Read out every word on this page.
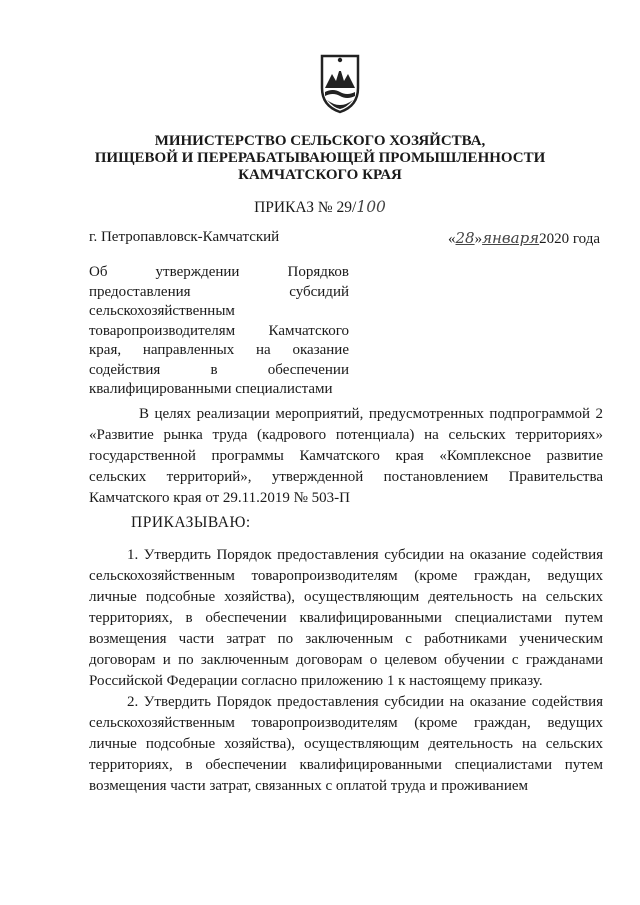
МИНИСТЕРСТВО СЕЛЬСКОГО ХОЗЯЙСТВА,
ПИЩЕВОЙ И ПЕРЕРАБАТЫВАЮЩЕЙ ПРОМЫШЛЕННОСТИ
КАМЧАТСКОГО КРАЯ
ПРИКАЗ № 29/100
г. Петропавловск-Камчатский	«28»января2020 года
Об утверждении Порядков предоставления субсидий сельскохозяйственным товаропроизводителям Камчатского края, направленных на оказание содействия в обеспечении квалифицированными специалистами
В целях реализации мероприятий, предусмотренных подпрограммой 2 «Развитие рынка труда (кадрового потенциала) на сельских территориях» государственной программы Камчатского края «Комплексное развитие сельских территорий», утвержденной постановлением Правительства Камчатского края от 29.11.2019 № 503-П
ПРИКАЗЫВАЮ:

1. Утвердить Порядок предоставления субсидии на оказание содействия сельскохозяйственным товаропроизводителям (кроме граждан, ведущих личные подсобные хозяйства), осуществляющим деятельность на сельских территориях, в обеспечении квалифицированными специалистами путем возмещения части затрат по заключенным с работниками ученическим договорам и по заключенным договорам о целевом обучении с гражданами Российской Федерации согласно приложению 1 к настоящему приказу.

2. Утвердить Порядок предоставления субсидии на оказание содействия сельскохозяйственным товаропроизводителям (кроме граждан, ведущих личные подсобные хозяйства), осуществляющим деятельность на сельских территориях, в обеспечении квалифицированными специалистами путем возмещения части затрат, связанных с оплатой труда и проживанием
